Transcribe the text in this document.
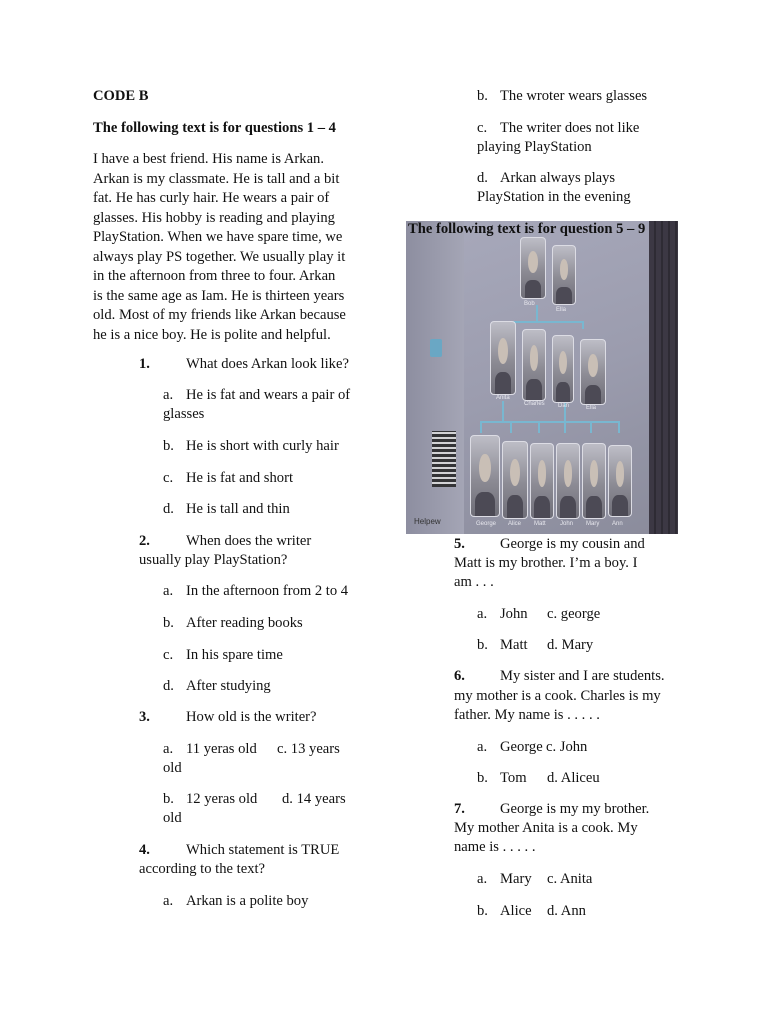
CODE B
The following text is for questions 1 – 4
I have a best friend. His name is Arkan.
Arkan is my classmate. He is tall and a bit
fat. He has curly hair. He wears a pair of
glasses. His hobby is reading and playing
PlayStation. When we have spare time, we
always play PS together. We usually play it
in the afternoon from three to four. Arkan
is the same age as Iam. He is thirteen years
old. Most of my friends like Arkan because
he is a nice boy. He is polite and helpful.
1. What does Arkan look like?
a. He is fat and wears a pair of
glasses
b. He is short with curly hair
c. He is fat and short
d. He is tall and thin
2. When does the writer
usually play PlayStation?
a. In the afternoon from 2 to 4
b. After reading books
c. In his spare time
d. After studying
3. How old is the writer?
a. 11 yeras old c. 13 years
old
b. 12 yeras old d. 14 years
old
4. Which statement is TRUE
according to the text?
a. Arkan is a polite boy
b. The wroter wears glasses
c. The writer does not like
playing PlayStation
d. Arkan always plays
PlayStation in the evening
Helpew
Bob
Ella
Anita
Charles Dan	Ella
George Alice Matt John Mary Ann
The following text is for question 5 – 9
5. George is my cousin and
Matt is my brother. I’m a boy. I
am . . .
a. John c. george
b. Matt d. Mary
6. My sister and I are students.
my mother is a cook. Charles is my
father. My name is . . . . .
a. George c. John
b. Tom d. Aliceu
7. George is my my brother.
My mother Anita is a cook. My
name is . . . . .
a. Mary c. Anita
b. Alice d. Ann
